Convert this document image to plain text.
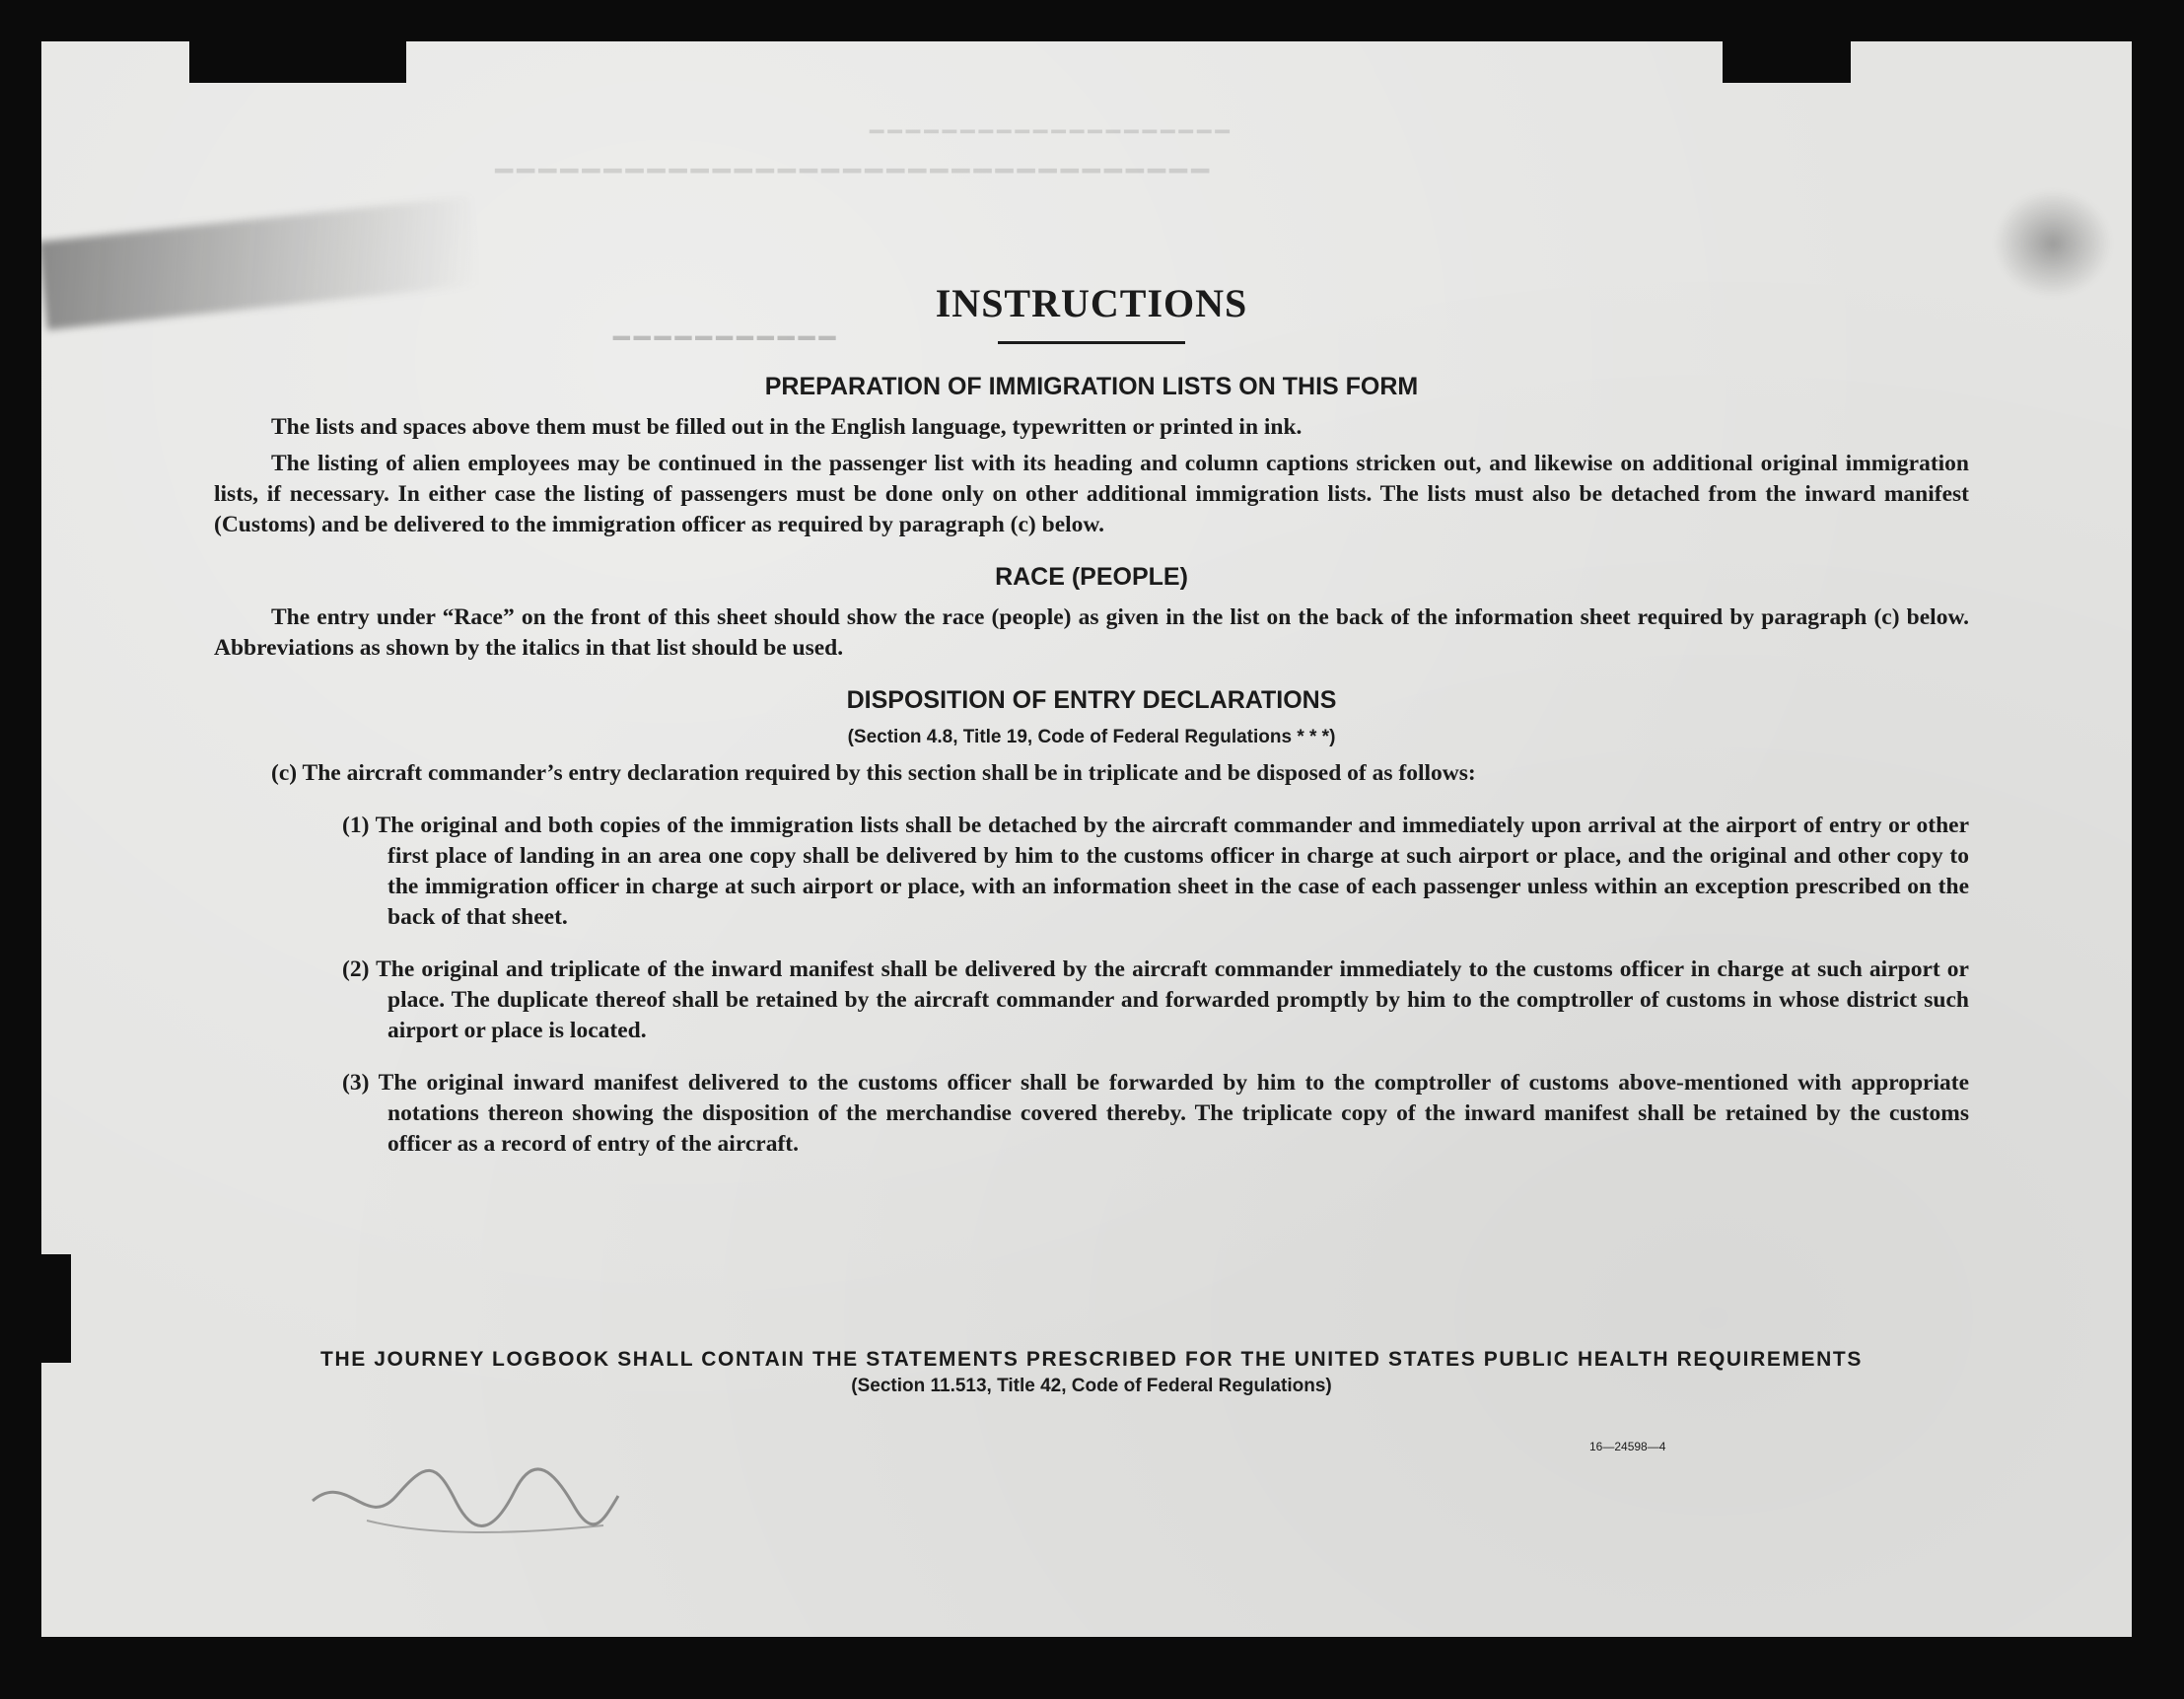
▔▔▔▔▔▔▔▔▔▔▔▔▔▔▔▔▔▔▔▔
▔▔▔▔▔▔▔▔▔▔▔▔▔▔▔▔▔▔▔▔▔▔▔▔▔▔▔▔▔▔▔▔▔
▁▁▁▁▁▁▁▁▁▁▁	INSTRUCTIONS
PREPARATION OF IMMIGRATION LISTS ON THIS FORM

The lists and spaces above them must be filled out in the English language, typewritten or printed in ink.

The listing of alien employees may be continued in the passenger list with its heading and column captions stricken out, and likewise on additional original immigration lists, if necessary. In either case the listing of passengers must be done only on other additional immigration lists. The lists must also be detached from the inward manifest (Customs) and be delivered to the immigration officer as required by paragraph (c) below.

RACE (PEOPLE)

The entry under “Race” on the front of this sheet should show the race (people) as given in the list on the back of the information sheet required by paragraph (c) below. Abbreviations as shown by the italics in that list should be used.

DISPOSITION OF ENTRY DECLARATIONS
(Section 4.8, Title 19, Code of Federal Regulations * * *)

(c) The aircraft commander’s entry declaration required by this section shall be in triplicate and be disposed of as follows:

(1) The original and both copies of the immigration lists shall be detached by the aircraft commander and immediately upon arrival at the airport of entry or other first place of landing in an area one copy shall be delivered by him to the customs officer in charge at such airport or place, and the original and other copy to the immigration officer in charge at such airport or place, with an information sheet in the case of each passenger unless within an exception prescribed on the back of that sheet.
(2) The original and triplicate of the inward manifest shall be delivered by the aircraft commander immediately to the customs officer in charge at such airport or place. The duplicate thereof shall be retained by the aircraft commander and forwarded promptly by him to the comptroller of customs in whose district such airport or place is located.
(3) The original inward manifest delivered to the customs officer shall be forwarded by him to the comptroller of customs above-mentioned with appropriate notations thereon showing the disposition of the merchandise covered thereby. The triplicate copy of the inward manifest shall be retained by the customs officer as a record of entry of the aircraft.
THE JOURNEY LOGBOOK SHALL CONTAIN THE STATEMENTS PRESCRIBED FOR THE UNITED STATES PUBLIC HEALTH REQUIREMENTS
(Section 11.513, Title 42, Code of Federal Regulations)
16—24598—4
